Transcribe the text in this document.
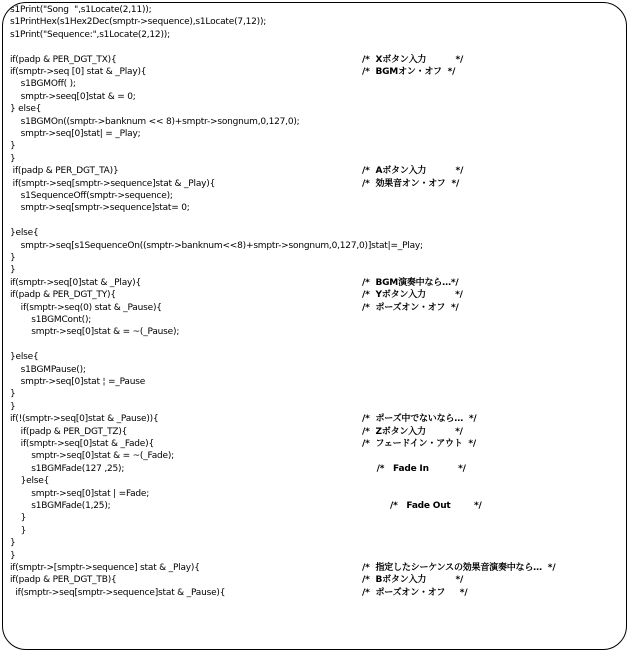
s1Print("Song  ",s1Locate(2,11));
s1PrintHex(s1Hex2Dec(smptr->sequence),s1Locate(7,12));
s1Print("Sequence:",s1Locate(2,12));
if(padp & PER_DGT_TX){	/*  Xボタン入力          */
if(smptr->seq [0] stat & _Play){	/*  BGMオン・オフ  */
s1BGMOff( );
smptr->seeq[0]stat & = 0;
} else{
s1BGMOn((smptr->banknum << 8)+smptr->songnum,0,127,0);
smptr->seq[0]stat| = _Play;
}
}
if(padp & PER_DGT_TA)}	/*  Aボタン入力          */
if(smptr->seq[smptr->sequence]stat & _Play){	/*  効果音オン・オフ  */
s1SequenceOff(smptr->sequence);
smptr->seq[smptr->sequence]stat= 0;
}else{
smptr->seq[s1SequenceOn((smptr->banknum<<8)+smptr->songnum,0,127,0)]stat|=_Play;
}
}
if(smptr->seq[0]stat & _Play){	/*  BGM演奏中なら…*/
if(padp & PER_DGT_TY){	/*  Yボタン入力          */
if(smptr->seq(0) stat & _Pause){	/*  ポーズオン・オフ  */
s1BGMCont();
smptr->seq[0]stat & = ~(_Pause);
}else{
s1BGMPause();
smptr->seq[0]stat ¦ =_Pause
}
}
if(!(smptr->seq[0]stat & _Pause)){	/*  ポーズ中でないなら…  */
if(padp & PER_DGT_TZ){	/*  Zボタン入力          */
if(smptr->seq[0]stat & _Fade){	/*  フェードイン・アウト  */
smptr->seq[0]stat & = ~(_Fade);
s1BGMFade(127 ,25);	/*   Fade In          */
}else{
smptr->seq[0]stat | =Fade;
s1BGMFade(1,25);	/*   Fade Out        */
}
}
}
}
if(smptr->[smptr->sequence] stat & _Play){	/*  指定したシーケンスの効果音演奏中なら…  */
if(padp & PER_DGT_TB){	/*  Bボタン入力          */
if(smptr->seq[smptr->sequence]stat & _Pause){	/*  ポーズオン・オフ     */
